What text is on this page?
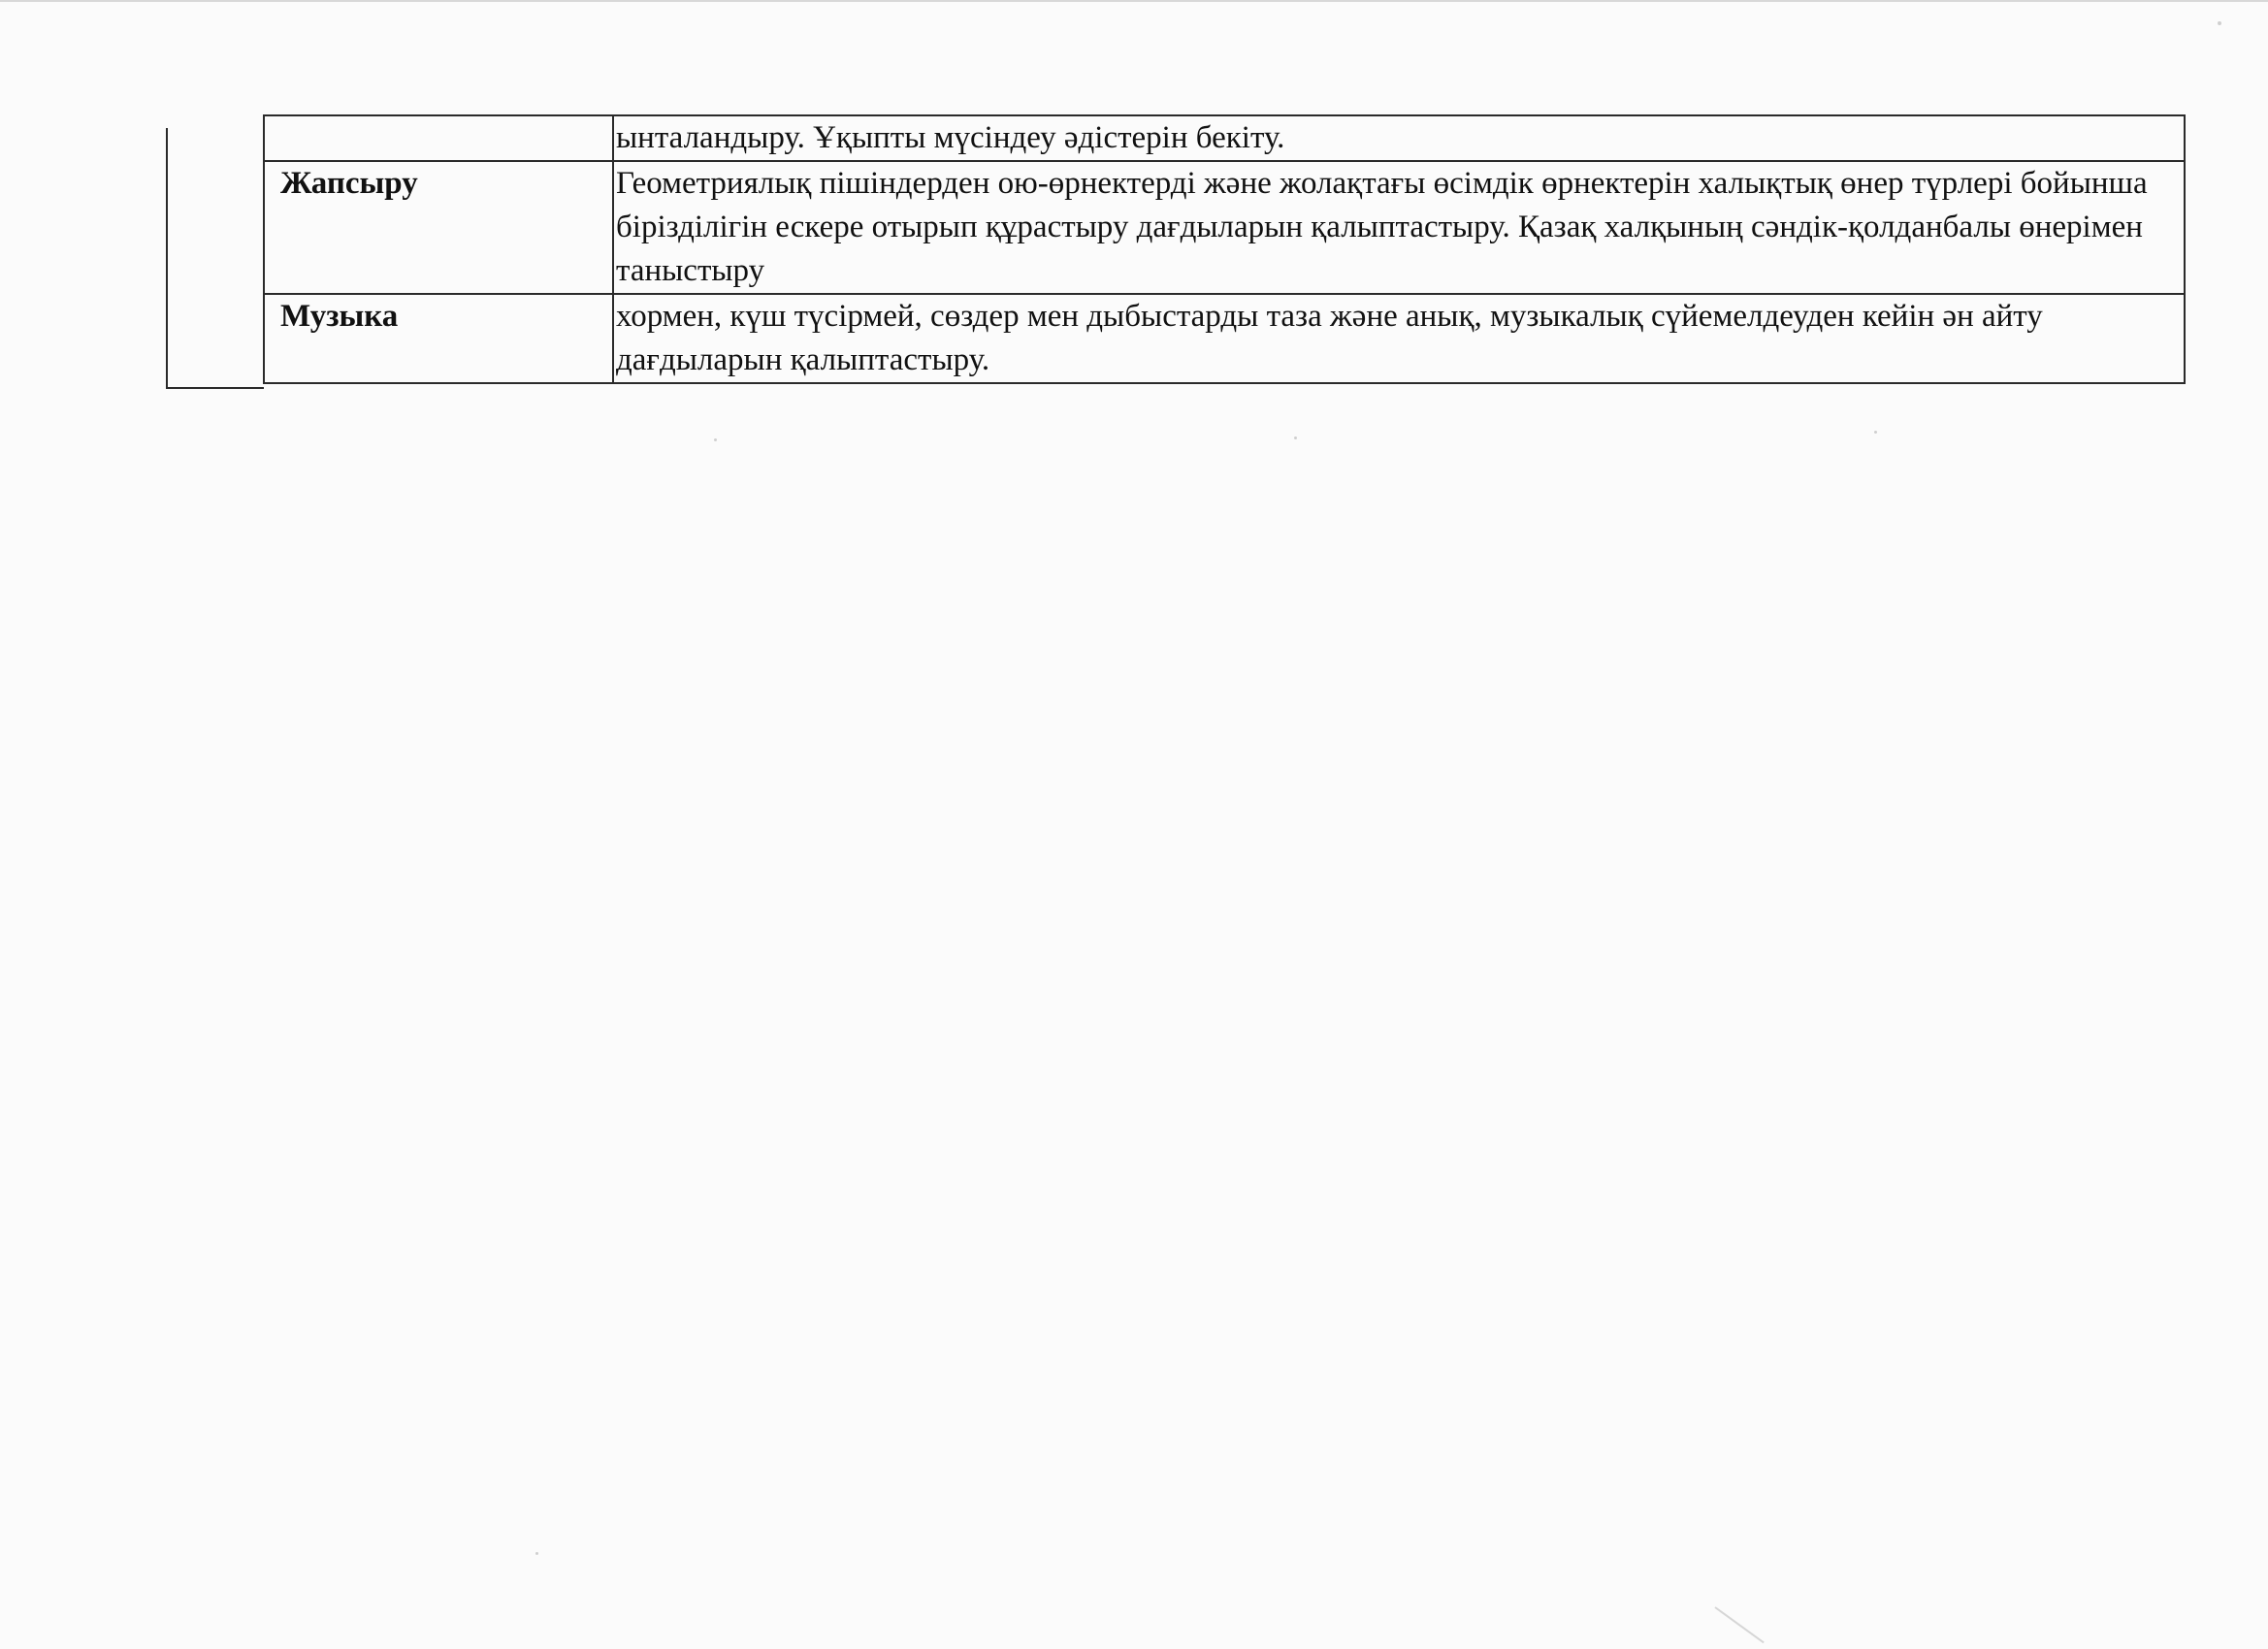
	ынталандыру. Ұқыпты мүсіндеу әдістерін бекіту.
Жапсыру	Геометриялық пішіндерден ою-өрнектерді және жолақтағы өсімдік өрнектерін халықтық өнер түрлері бойынша бірізділігін ескере отырып құрастыру дағдыларын қалыптастыру. Қазақ халқының сәндік-қолданбалы өнерімен таныстыру
Музыка	хормен, күш түсірмей, сөздер мен дыбыстарды таза және анық, музыкалық сүйемелдеуден кейін ән айту дағдыларын қалыптастыру.
